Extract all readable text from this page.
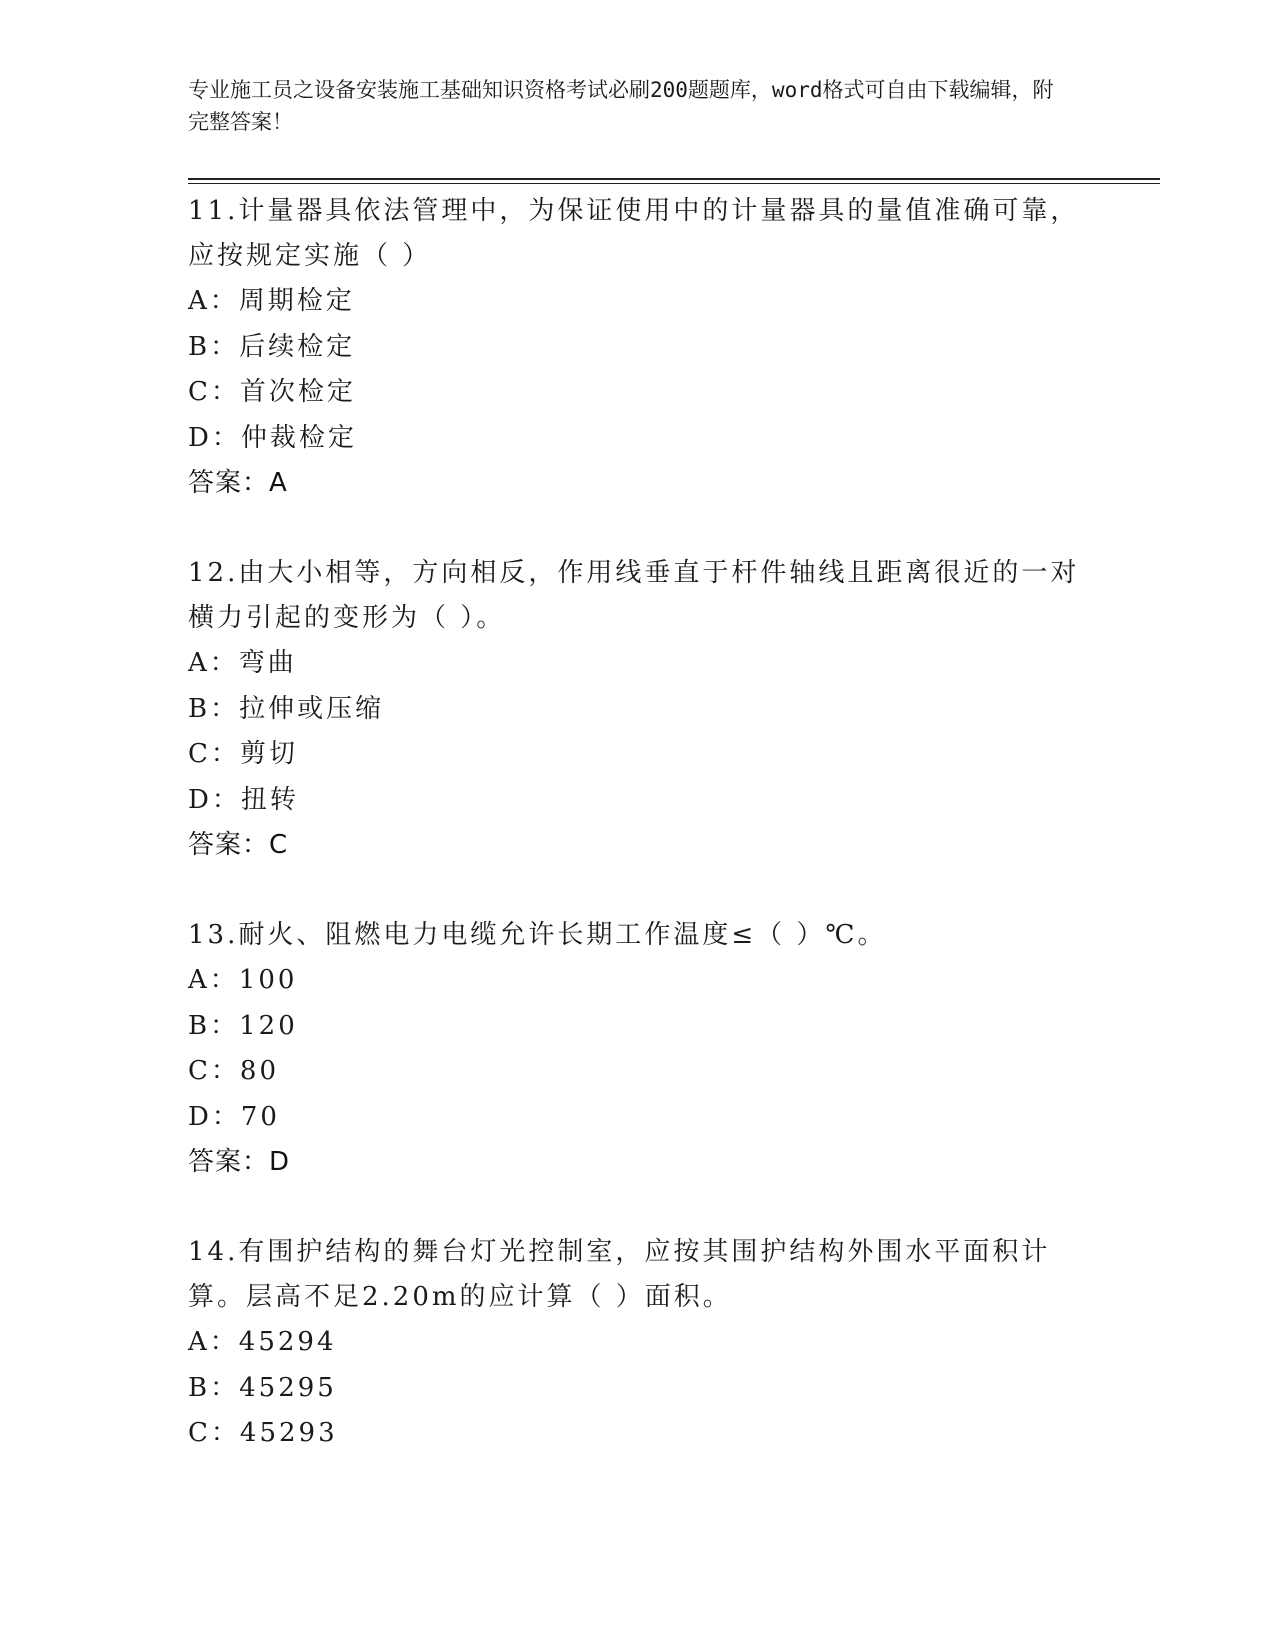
专业施工员之设备安装施工基础知识资格考试必刷200题题库，word格式可自由下载编辑，附完整答案！
11.计量器具依法管理中，为保证使用中的计量器具的量值准确可靠，应按规定实施（ ）
A：周期检定
B：后续检定
C：首次检定
D：仲裁检定
答案：A
12.由大小相等，方向相反，作用线垂直于杆件轴线且距离很近的一对横力引起的变形为（ ）。
A：弯曲
B：拉伸或压缩
C：剪切
D：扭转
答案：C
13.耐火、阻燃电力电缆允许长期工作温度≤（ ）℃。
A：100
B：120
C：80
D：70
答案：D
14.有围护结构的舞台灯光控制室，应按其围护结构外围水平面积计算。层高不足2.20m的应计算（ ）面积。
A：45294
B：45295
C：45293
